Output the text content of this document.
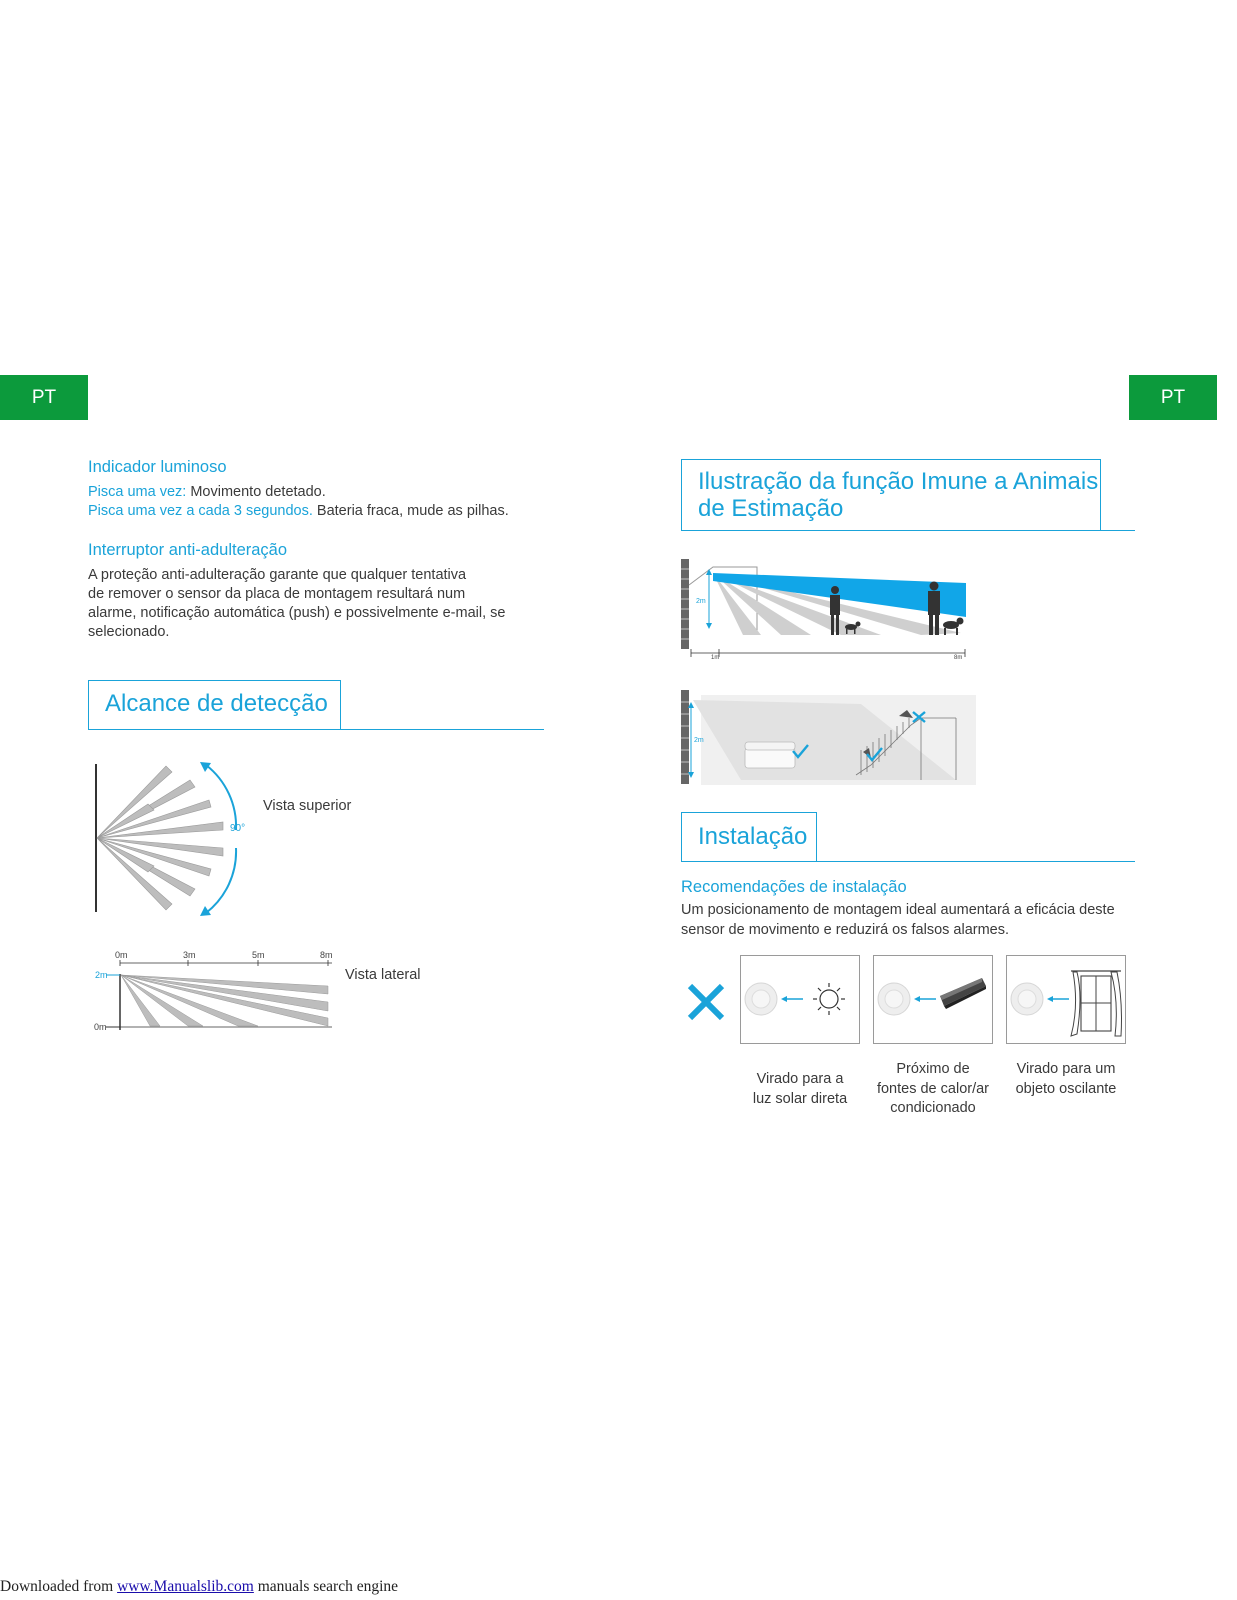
PT	PT
Indicador luminoso
Pisca uma vez: Movimento detetado.
Pisca uma vez a cada 3 segundos. Bateria fraca, mude as pilhas.
Interruptor anti-adulteração
A proteção anti-adulteração garante que qualquer tentativa
de remover o sensor da placa de montagem resultará num
alarme, notificação automática (push) e possivelmente e-mail, se
selecionado.
Alcance de detecção
90°
Vista superior
0m	3m	5m	8m
2m
0m
Vista lateral
Ilustração da função Imune a Animais
de Estimação
2m
1m	8m
2m
Instalação
Recomendações de instalação
Um posicionamento de montagem ideal aumentará a eficácia deste
sensor de movimento e reduzirá os falsos alarmes.
Virado para a
luz solar direta
Próximo de
fontes de calor/ar
condicionado
Virado para um
objeto oscilante
Downloaded from www.Manualslib.com manuals search engine
